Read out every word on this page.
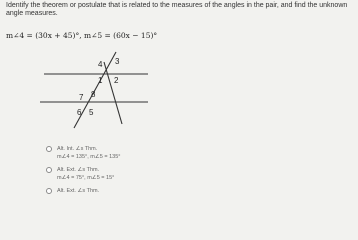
Identify the theorem or postulate that is related to the measures of the angles in the pair, and find the unknown angle measures.
m∠4 = (30x + 45)°, m∠5 = (60x − 15)°
4 3
1 2
7 8
6 5
Alt. Int. ∠s Thm.
m∠4 = 135°, m∠5 = 135°
Alt. Ext. ∠s Thm.
m∠4 = 75°, m∠5 = 15°
Alt. Ext. ∠s Thm.
